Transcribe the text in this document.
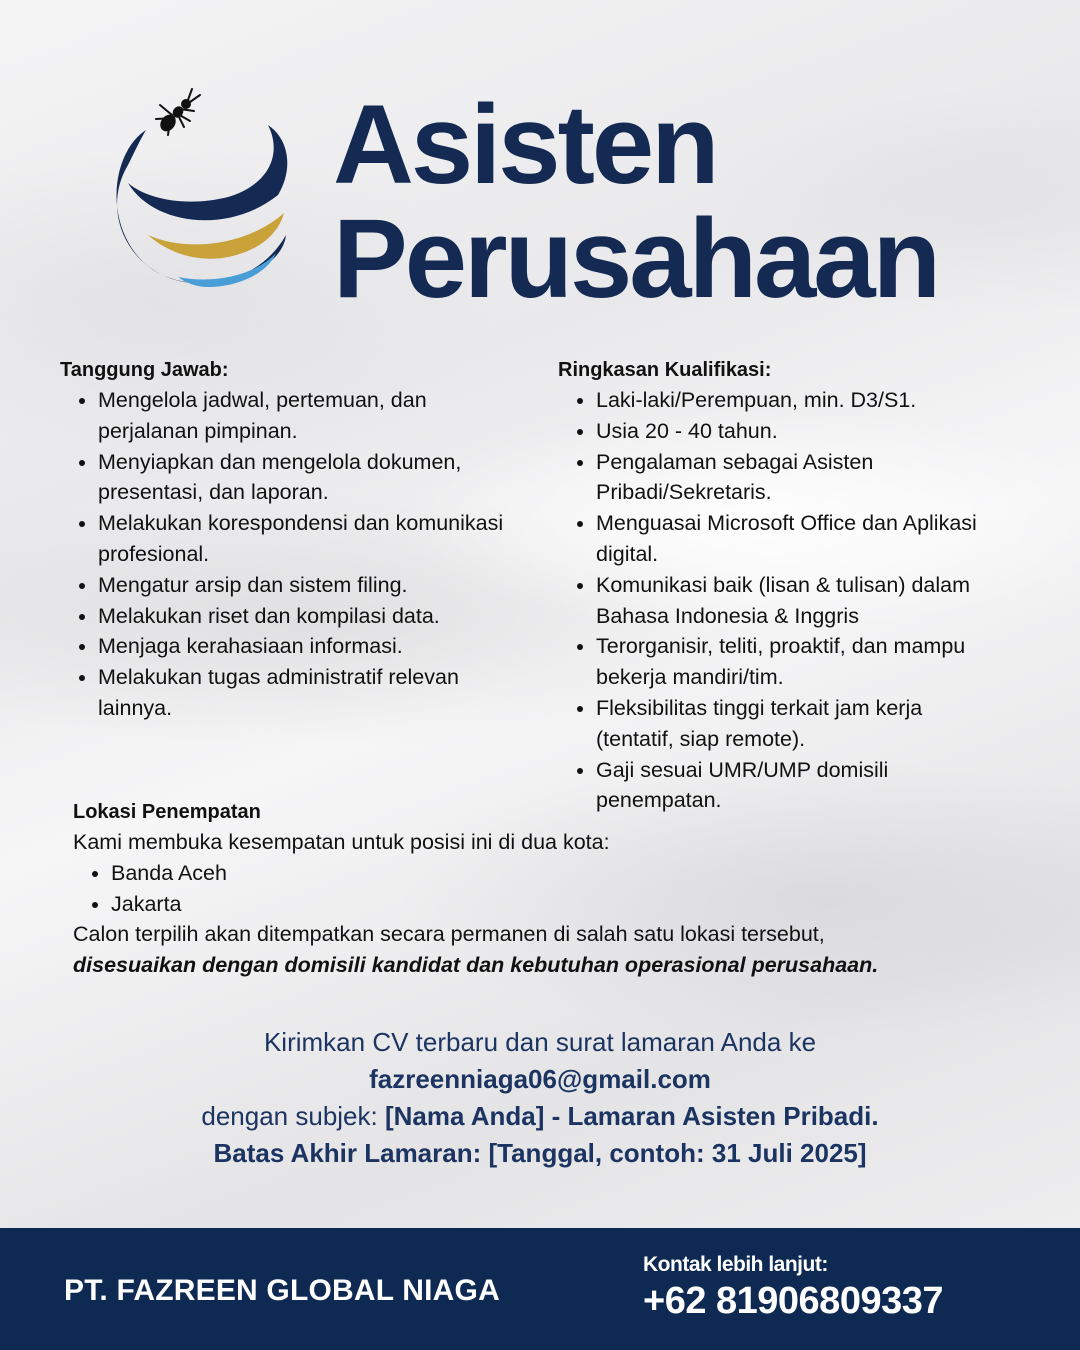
Asisten
Perusahaan
Tanggung Jawab:
• Mengelola jadwal, pertemuan, dan perjalanan pimpinan.
• Menyiapkan dan mengelola dokumen, presentasi, dan laporan.
• Melakukan korespondensi dan komunikasi profesional.
• Mengatur arsip dan sistem filing.
• Melakukan riset dan kompilasi data.
• Menjaga kerahasiaan informasi.
• Melakukan tugas administratif relevan lainnya.
Ringkasan Kualifikasi:
• Laki-laki/Perempuan, min. D3/S1.
• Usia 20 - 40 tahun.
• Pengalaman sebagai Asisten Pribadi/Sekretaris.
• Menguasai Microsoft Office dan Aplikasi digital.
• Komunikasi baik (lisan & tulisan) dalam Bahasa Indonesia & Inggris
• Terorganisir, teliti, proaktif, dan mampu bekerja mandiri/tim.
• Fleksibilitas tinggi terkait jam kerja (tentatif, siap remote).
• Gaji sesuai UMR/UMP domisili penempatan.
Lokasi Penempatan

Kami membuka kesempatan untuk posisi ini di dua kota:

• Banda Aceh
• Jakarta

Calon terpilih akan ditempatkan secara permanen di salah satu lokasi tersebut,

disesuaikan dengan domisili kandidat dan kebutuhan operasional perusahaan.

Kirimkan CV terbaru dan surat lamaran Anda ke

fazreenniaga06@gmail.com

dengan subjek: [Nama Anda] - Lamaran Asisten Pribadi.

Batas Akhir Lamaran: [Tanggal, contoh: 31 Juli 2025]

PT. FAZREEN GLOBAL NIAGA

Kontak lebih lanjut:

+62 81906809337
